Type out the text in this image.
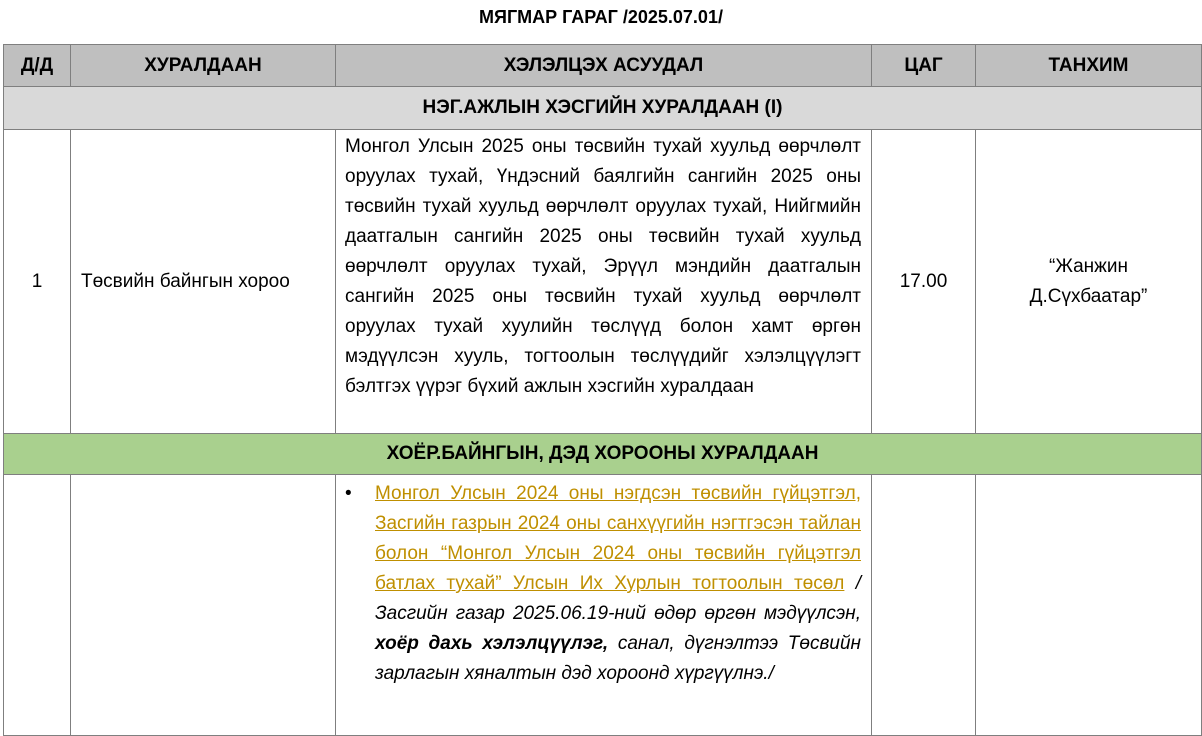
МЯГМАР ГАРАГ /2025.07.01/
Д/Д	ХУРАЛДААН	ХЭЛЭЛЦЭХ АСУУДАЛ	ЦАГ	ТАНХИМ
НЭГ.АЖЛЫН ХЭСГИЙН ХУРАЛДААН (I)				
1	Төсвийн байнгын хороо	Монгол Улсын 2025 оны төсвийн тухай хуульд өөрчлөлт оруулах тухай, Үндэсний баялгийн сангийн 2025 оны төсвийн тухай хуульд өөрчлөлт оруулах тухай, Нийгмийн даатгалын сангийн 2025 оны төсвийн тухай хуульд өөрчлөлт оруулах тухай, Эрүүл мэндийн даатгалын сангийн 2025 оны төсвийн тухай хуульд өөрчлөлт оруулах тухай хуулийн төслүүд болон хамт өргөн мэдүүлсэн хууль, тогтоолын төслүүдийг хэлэлцүүлэгт бэлтгэх үүрэг бүхий ажлын хэсгийн хуралдаан	17.00	“Жанжин
Д.Сүхбаатар”

ХОЁР.БАЙНГЫН, ДЭД ХОРООНЫ ХУРАЛДААН				

		• Монгол Улсын 2024 оны нэгдсэн төсвийн гүйцэтгэл, Засгийн газрын 2024 оны санхүүгийн нэгтгэсэн тайлан болон “Монгол Улсын 2024 оны төсвийн гүйцэтгэл батлах тухай” Улсын Их Хурлын тогтоолын төсөл /Засгийн газар 2025.06.19-ний өдөр өргөн мэдүүлсэн, хоёр дахь хэлэлцүүлэг, санал, дүгнэлтээ Төсвийн зарлагын хяналтын дэд хороонд хүргүүлнэ./		
